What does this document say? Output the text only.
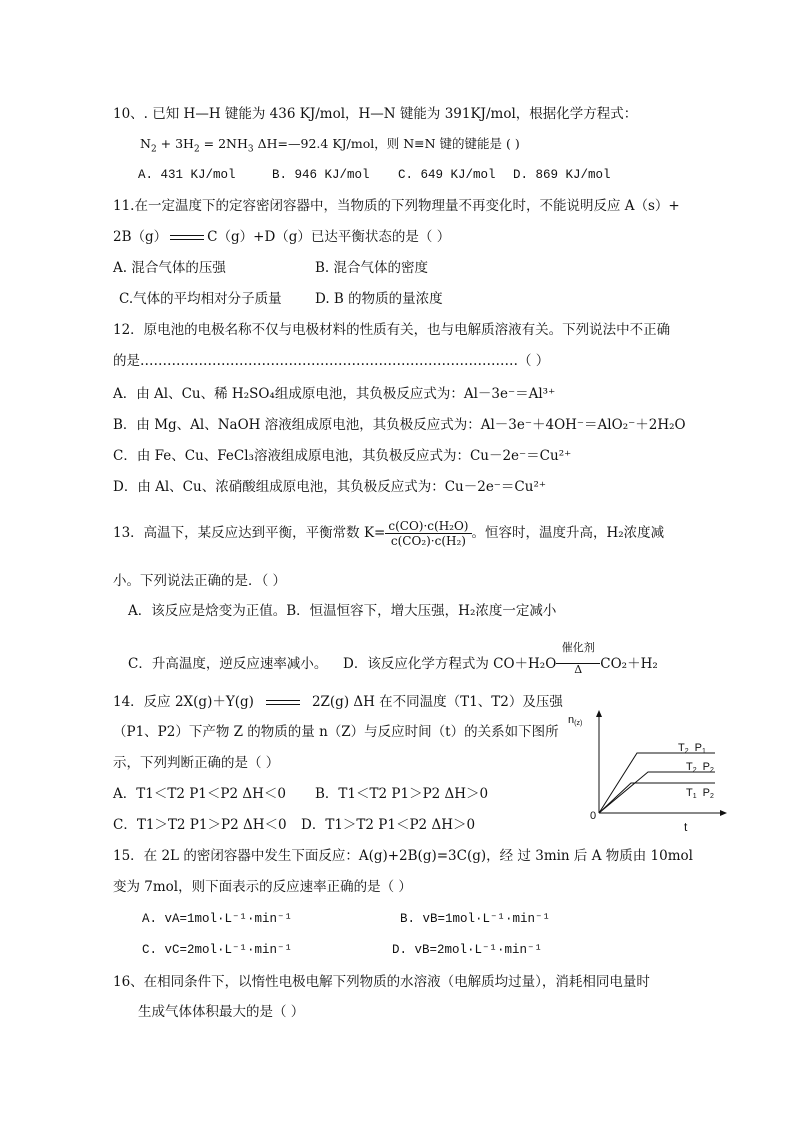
10、. 已知 H—H 键能为 436 KJ/mol，H—N 键能为 391KJ/mol，根据化学方程式：
$N_2 + 3H_2 = 2NH_3$ ΔH=—92.4 KJ/mol，则 N≡N 键的键能是 ( )
A. 431 KJ/mol	B. 946 KJ/mol C. 649 KJ/mol D. 869 KJ/mol
11.在一定温度下的定容密闭容器中，当物质的下列物理量不再变化时，不能说明反应 A（s）+
2B（g）	C（g）+D（g）已达平衡状态的是（ ）
A. 混合气体的压强	B. 混合气体的密度
C.气体的平均相对分子质量 D. B 的物质的量浓度
12．原电池的电极名称不仅与电极材料的性质有关，也与电解质溶液有关。下列说法中不正确
的是…………………………………………………………………………（ ）
A．由 Al、Cu、稀 H₂SO₄组成原电池，其负极反应式为：Al－3e⁻＝Al³⁺
B．由 Mg、Al、NaOH 溶液组成原电池，其负极反应式为：Al－3e⁻＋4OH⁻＝AlO₂⁻＋2H₂O
C．由 Fe、Cu、FeCl₃溶液组成原电池，其负极反应式为：Cu－2e⁻＝Cu²⁺
D．由 Al、Cu、浓硝酸组成原电池，其负极反应式为：Cu－2e⁻＝Cu²⁺
13．高温下，某反应达到平衡，平衡常数 $K= \frac{\text{c(CO)·c(H₂O)}}{\text{c(CO₂)·c(H₂)}}$ 。恒容时，温度升高，H₂浓度减
小。下列说法正确的是．（ ）
A．该反应是焓变为正值。B．恒温恒容下，增大压强，H₂浓度一定减小
C．升高温度，逆反应速率减小。 D．该反应化学方程式为 CO＋H₂O
催化剂
Δ	CO₂＋H₂
14．反应 2X(g)＋Y(g)	2Z(g) ΔH 在不同温度（T1、T2）及压强
（P1、P2）下产物 Z 的物质的量 n（Z）与反应时间（t）的关系如下图所
示，下列判断正确的是（ ）
A．T1＜T2 P1＜P2 ΔH＜0 B．T1＜T2 P1＞P2 ΔH＞0
C．T1＞T2 P1＞P2 ΔH＜0 D．T1＞T2 P1＜P2 ΔH＞0
n(z)
0
t
T2 P1
T2 P2
T1 P2
15．在 2L 的密闭容器中发生下面反应：A(g)+2B(g)=3C(g)，经 过 3min 后 A 物质由 10mol
变为 7mol，则下面表示的反应速率正确的是（ ）
A. vA=1mol·L⁻¹·min⁻¹	B. vB=1mol·L⁻¹·min⁻¹
C. vC=2mol·L⁻¹·min⁻¹	D. vB=2mol·L⁻¹·min⁻¹
16、在相同条件下，以惰性电极电解下列物质的水溶液（电解质均过量），消耗相同电量时
生成气体体积最大的是（ ）
